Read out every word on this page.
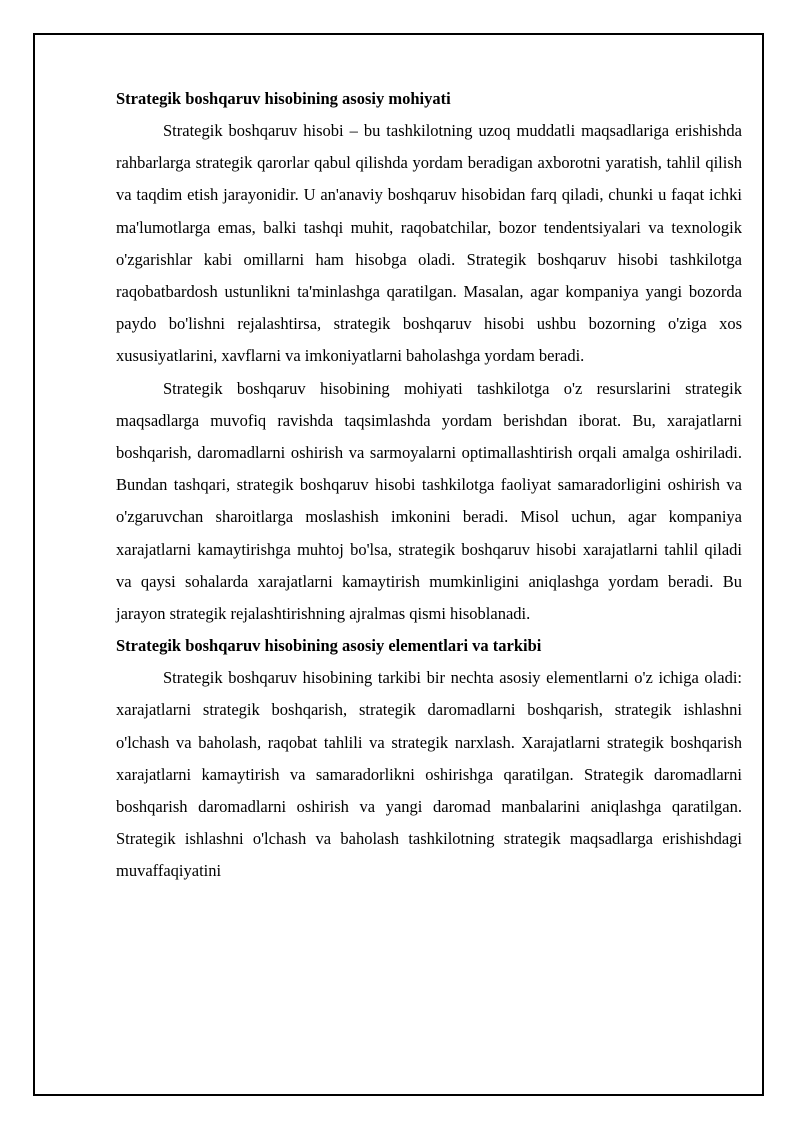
Strategik boshqaruv hisobining asosiy mohiyati

Strategik boshqaruv hisobi – bu tashkilotning uzoq muddatli maqsadlariga erishishda rahbarlarga strategik qarorlar qabul qilishda yordam beradigan axborotni yaratish, tahlil qilish va taqdim etish jarayonidir. U an'anaviy boshqaruv hisobidan farq qiladi, chunki u faqat ichki ma'lumotlarga emas, balki tashqi muhit, raqobatchilar, bozor tendentsiyalari va texnologik o'zgarishlar kabi omillarni ham hisobga oladi. Strategik boshqaruv hisobi tashkilotga raqobatbardosh ustunlikni ta'minlashga qaratilgan. Masalan, agar kompaniya yangi bozorda paydo bo'lishni rejalashtirsa, strategik boshqaruv hisobi ushbu bozorning o'ziga xos xususiyatlarini, xavflarni va imkoniyatlarni baholashga yordam beradi.

Strategik boshqaruv hisobining mohiyati tashkilotga o'z resurslarini strategik maqsadlarga muvofiq ravishda taqsimlashda yordam berishdan iborat. Bu, xarajatlarni boshqarish, daromadlarni oshirish va sarmoyalarni optimallashtirish orqali amalga oshiriladi. Bundan tashqari, strategik boshqaruv hisobi tashkilotga faoliyat samaradorligini oshirish va o'zgaruvchan sharoitlarga moslashish imkonini beradi. Misol uchun, agar kompaniya xarajatlarni kamaytirishga muhtoj bo'lsa, strategik boshqaruv hisobi xarajatlarni tahlil qiladi va qaysi sohalarda xarajatlarni kamaytirish mumkinligini aniqlashga yordam beradi. Bu jarayon strategik rejalashtirishning ajralmas qismi hisoblanadi.

Strategik boshqaruv hisobining asosiy elementlari va tarkibi

Strategik boshqaruv hisobining tarkibi bir nechta asosiy elementlarni o'z ichiga oladi: xarajatlarni strategik boshqarish, strategik daromadlarni boshqarish, strategik ishlashni o'lchash va baholash, raqobat tahlili va strategik narxlash. Xarajatlarni strategik boshqarish xarajatlarni kamaytirish va samaradorlikni oshirishga qaratilgan. Strategik daromadlarni boshqarish daromadlarni oshirish va yangi daromad manbalarini aniqlashga qaratilgan. Strategik ishlashni o'lchash va baholash tashkilotning strategik maqsadlarga erishishdagi muvaffaqiyatini
